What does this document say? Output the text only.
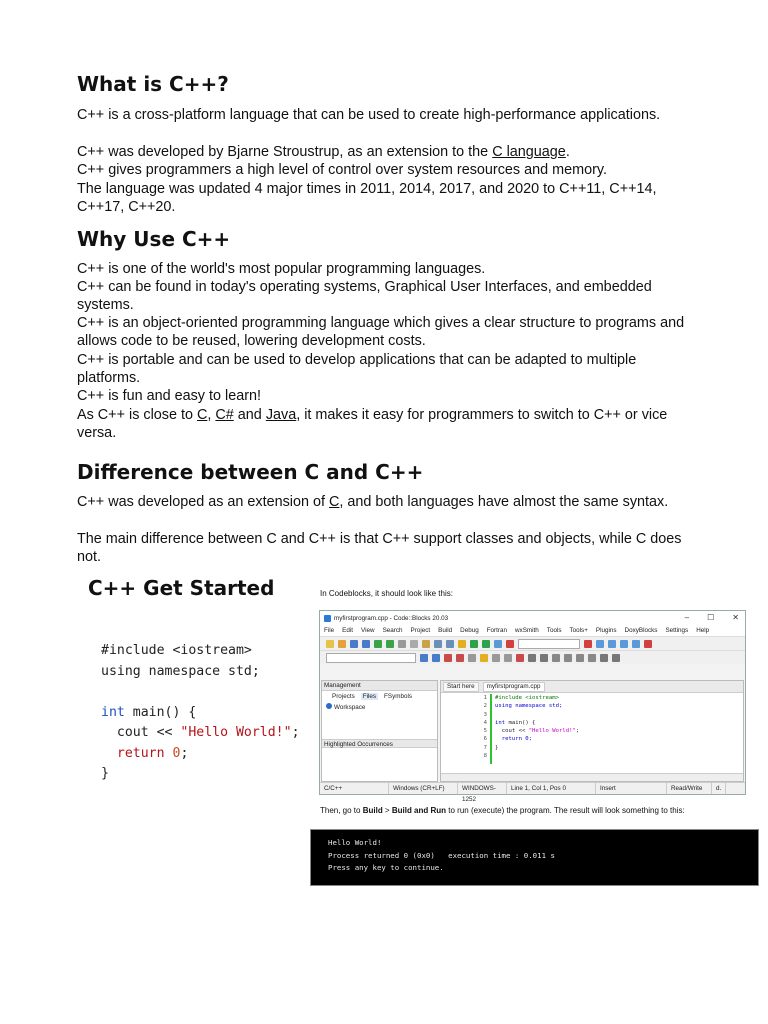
What is C++?

C++ is a cross-platform language that can be used to create high-performance applications.

C++ was developed by Bjarne Stroustrup, as an extension to the C language.

C++ gives programmers a high level of control over system resources and memory.

The language was updated 4 major times in 2011, 2014, 2017, and 2020 to C++11, C++14, C++17, C++20.

Why Use C++

C++ is one of the world's most popular programming languages.

C++ can be found in today's operating systems, Graphical User Interfaces, and embedded systems.

C++ is an object-oriented programming language which gives a clear structure to programs and allows code to be reused, lowering development costs.

C++ is portable and can be used to develop applications that can be adapted to multiple platforms.

C++ is fun and easy to learn!

As C++ is close to C, C# and Java, it makes it easy for programmers to switch to C++ or vice versa.

Difference between C and C++

C++ was developed as an extension of C, and both languages have almost the same syntax.

The main difference between C and C++ is that C++ support classes and objects, while C does not.

C++ Get Started
#include <iostream>
using namespace std;

int main() {
cout << "Hello World!";
return 0;
}
In Codeblocks, it should look like this:
myfirstprogram.cpp - Code::Blocks 20.03	– ☐ ✕
File Edit View Search Project Build Debug Fortran wxSmith Tools Tools+ Plugins DoxyBlocks Settings Help
Management
Projects	Files	FSymbols
Workspace
Highlighted Occurrences
Start here	myfirstprogram.cpp
1
2
3
4
5
6
7
8
#include <iostream>
using namespace std;

int main() {
cout << "Hello World!";
return 0;
}
C/C++	Windows (CR+LF)	WINDOWS-1252
Line 1, Col 1, Pos 0	Insert	Read/Write	d.
Then, go to Build > Build and Run to run (execute) the program. The result will look something to this:

Hello World!
Process returned 0 (0x0)   execution time : 0.011 s
Press any key to continue.
